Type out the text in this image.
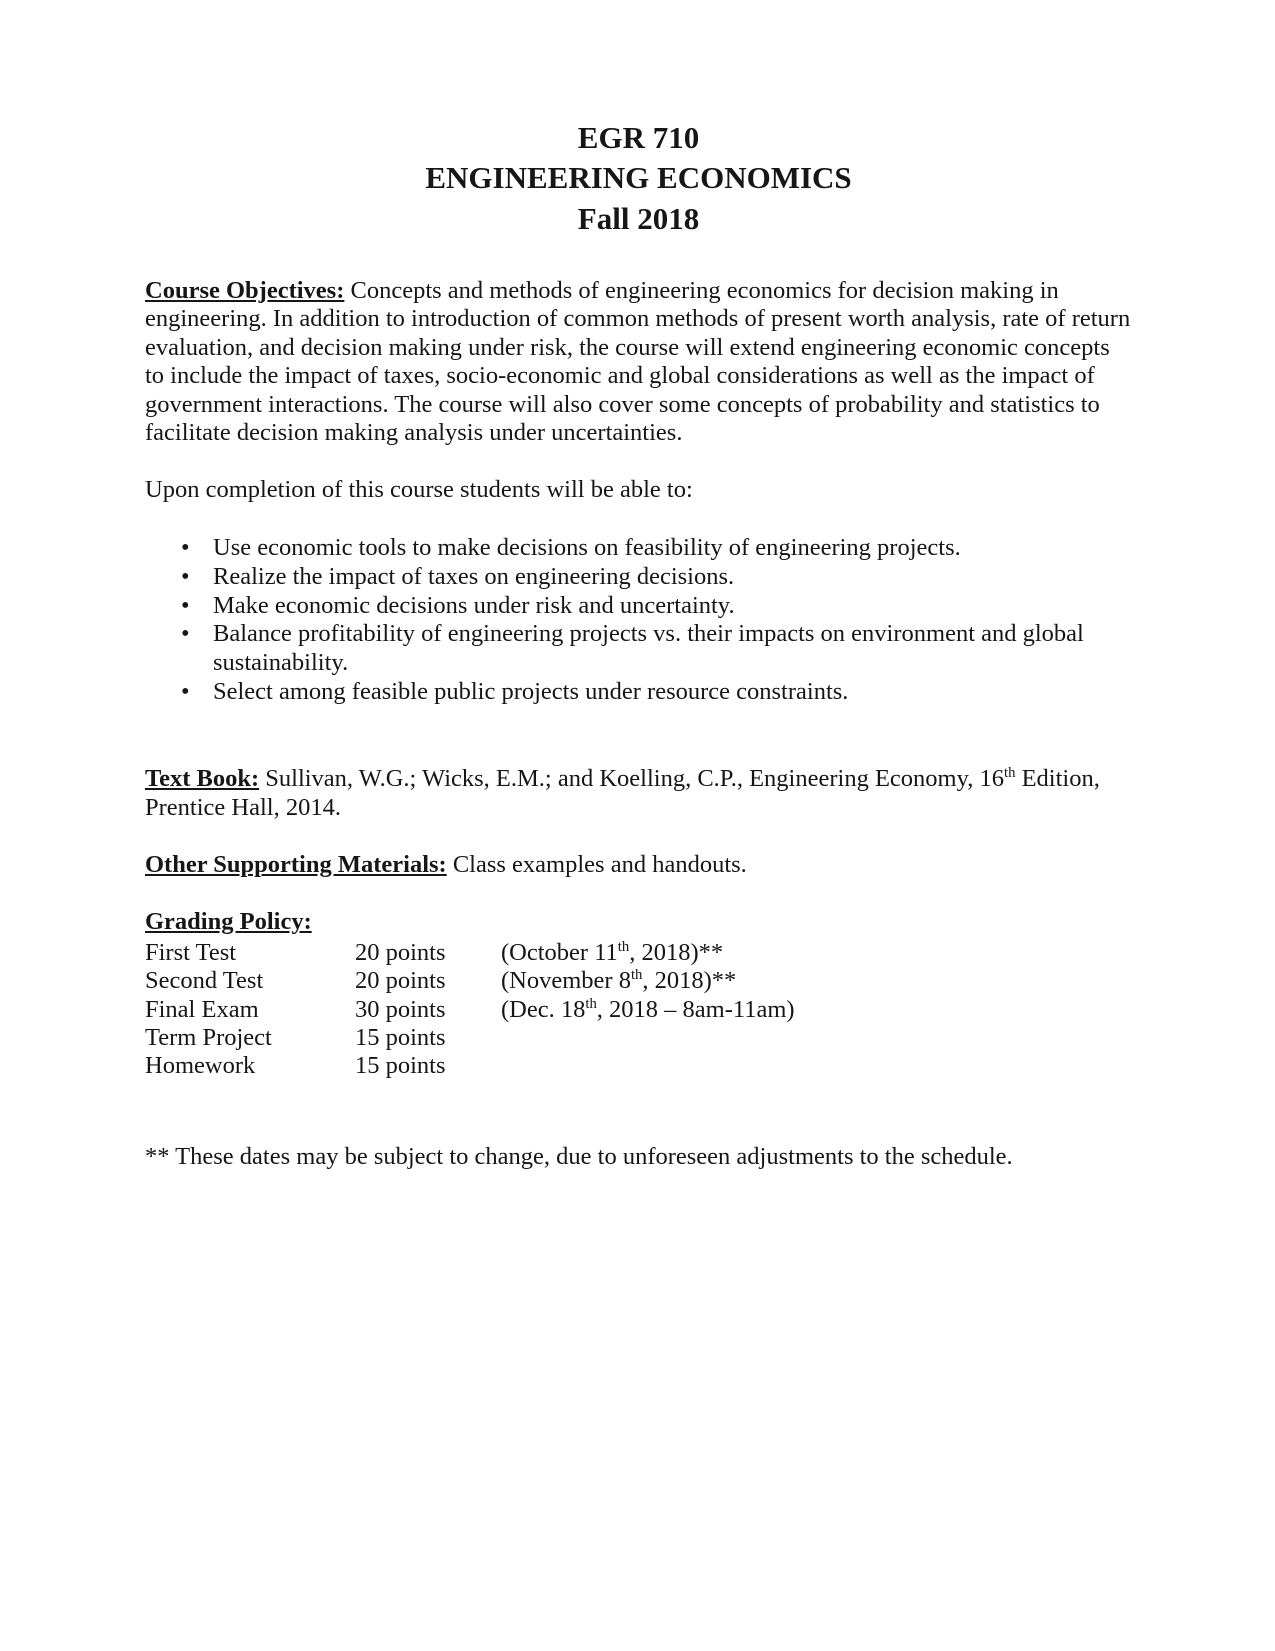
EGR 710
ENGINEERING ECONOMICS
Fall 2018

Course Objectives: Concepts and methods of engineering economics for decision making in engineering. In addition to introduction of common methods of present worth analysis, rate of return evaluation, and decision making under risk, the course will extend engineering economic concepts to include the impact of taxes, socio-economic and global considerations as well as the impact of government interactions. The course will also cover some concepts of probability and statistics to facilitate decision making analysis under uncertainties.

Upon completion of this course students will be able to:

• Use economic tools to make decisions on feasibility of engineering projects.
• Realize the impact of taxes on engineering decisions.
• Make economic decisions under risk and uncertainty.
• Balance profitability of engineering projects vs. their impacts on environment and global sustainability.
• Select among feasible public projects under resource constraints.

Text Book: Sullivan, W.G.; Wicks, E.M.; and Koelling, C.P., Engineering Economy, 16th Edition, Prentice Hall, 2014.

Other Supporting Materials: Class examples and handouts.

Grading Policy:

First Test	20 points	(October 11th, 2018)**
Second Test	20 points	(November 8th, 2018)**
Final Exam	30 points	(Dec. 18th, 2018 – 8am-11am)
Term Project	15 points
Homework	15 points

** These dates may be subject to change, due to unforeseen adjustments to the schedule.
